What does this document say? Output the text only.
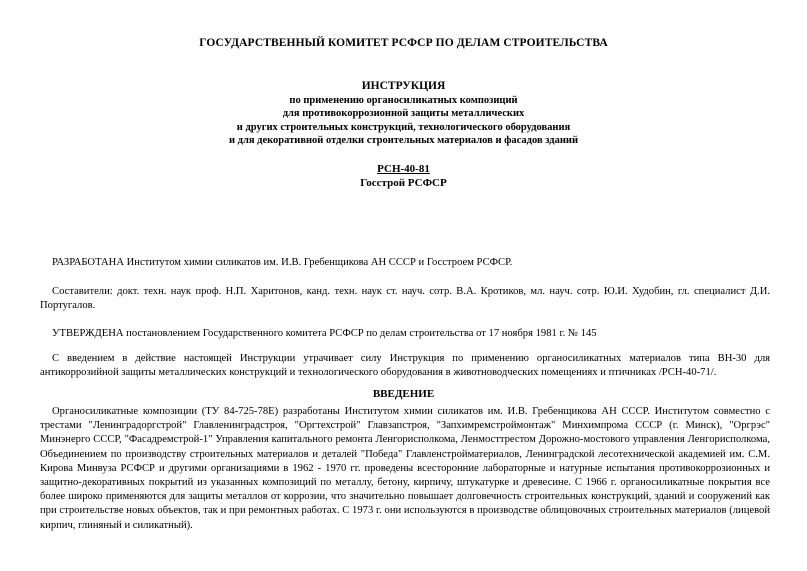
ГОСУДАРСТВЕННЫЙ КОМИТЕТ РСФСР ПО ДЕЛАМ СТРОИТЕЛЬСТВА
ИНСТРУКЦИЯ
по применению органосиликатных композиций
для противокоррозионной защиты металлических
и других строительных конструкций, технологического оборудования
и для декоративной отделки строительных материалов и фасадов зданий
РСН-40-81
Госстрой РСФСР
РАЗРАБОТАНА Институтом химии силикатов им. И.В. Гребенщикова АН СССР и Госстроем РСФСР.
Составители: докт. техн. наук проф. Н.П. Харитонов, канд. техн. наук ст. науч. сотр. В.А. Кротиков, мл. науч. сотр. Ю.И. Худобин, гл. специалист Д.И. Португалов.
УТВЕРЖДЕНА постановлением Государственного комитета РСФСР по делам строительства от 17 ноября 1981 г. № 145
С введением в действие настоящей Инструкции утрачивает силу Инструкция по применению органосиликатных материалов типа ВН-30 для антикоррозийной защиты металлических конструкций и технологического оборудования в животноводческих помещениях и птичниках /РСН-40-71/.
ВВЕДЕНИЕ
Органосиликатные композиции (ТУ 84-725-78Е) разработаны Институтом химии силикатов им. И.В. Гребенщикова АН СССР. Институтом совместно с трестами "Ленинградоргстрой" Главленинградстроя, "Оргтехстрой" Главзапстроя, "Запхимремстроймонтаж" Минхимпрома СССР (г. Минск), "Оргрэс" Минэнерго СССР, "Фасадремстрой-1" Управления капитального ремонта Ленгорисполкома, Ленмосттрестом Дорожно-мостового управления Ленгорисполкома, Объединением по производству строительных материалов и деталей "Победа" Главленстройматериалов, Ленинградской лесотехнической академией им. С.М. Кирова Минвуза РСФСР и другими организациями в 1962 - 1970 гг. проведены всесторонние лабораторные и натурные испытания противокоррозионных и защитно-декоративных покрытий из указанных композиций по металлу, бетону, кирпичу, штукатурке и древесине. С 1966 г. органосиликатные покрытия все более широко применяются для защиты металлов от коррозии, что значительно повышает долговечность строительных конструкций, зданий и сооружений как при строительстве новых объектов, так и при ремонтных работах. С 1973 г. они используются в производстве облицовочных строительных материалов (лицевой кирпич, глиняный и силикатный).
